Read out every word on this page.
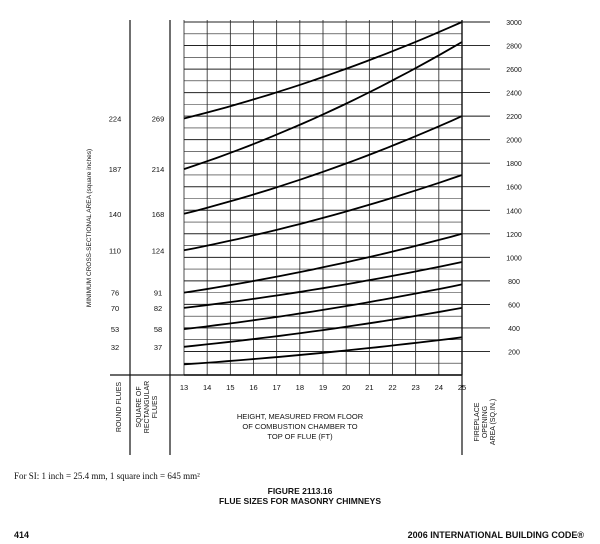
13 14 15 16 17 18 19 20 21 22 23 24 25
3000
2800
2600
2400
2200
2000
1800
1600
1400
1200
1000
800
600
400
200
224
187
140
110
76
70
53
32
269
214
168
124
91
82
58
37
MINIMUM CROSS-SECTIONAL AREA (square inches)
HEIGHT, MEASURED FROM FLOOR
OF COMBUSTION CHAMBER TO
TOP OF FLUE (FT)
ROUND FLUES SQUARE OF RECTANGULAR FLUES	FIREPLACE OPENING AREA (SQ.IN.)
For SI: 1 inch = 25.4 mm, 1 square inch = 645 mm²
FIGURE 2113.16
FLUE SIZES FOR MASONRY CHIMNEYS
414	2006 INTERNATIONAL BUILDING CODE®
